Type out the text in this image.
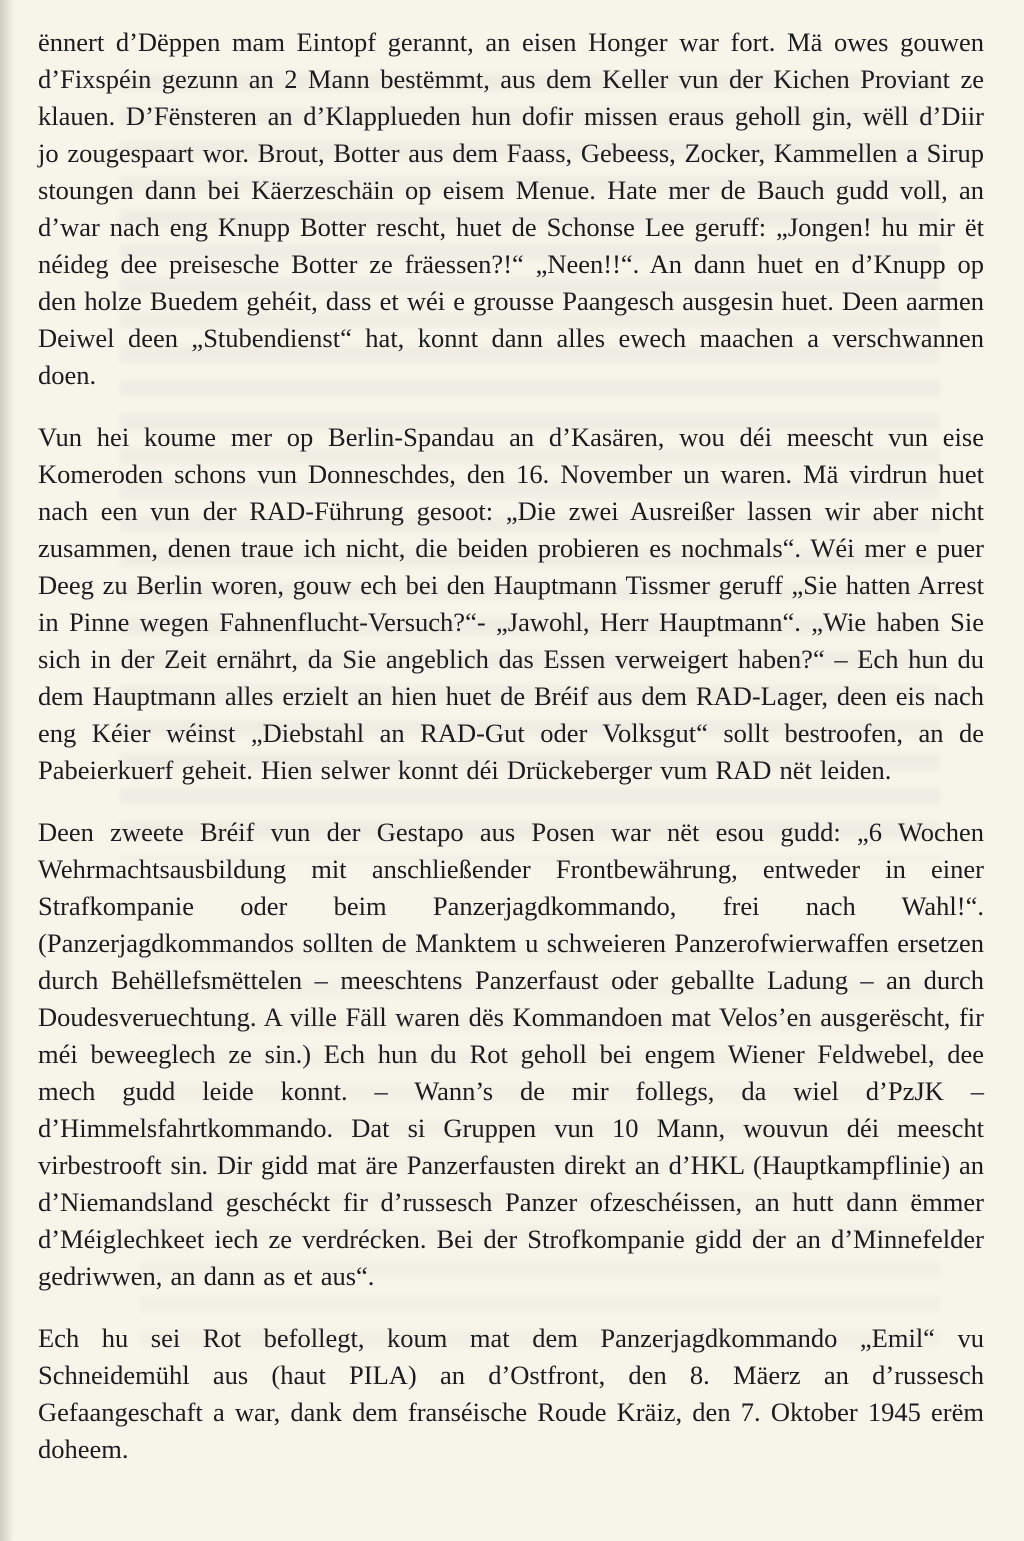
ënnert d’Dëppen mam Eintopf gerannt, an eisen Honger war fort. Mä owes gouwen d’Fixspéin gezunn an 2 Mann bestëmmt, aus dem Keller vun der Kichen Proviant ze klauen. D’Fënsteren an d’Klapplueden hun dofir missen eraus geholl gin, wëll d’Diir jo zougespaart wor. Brout, Botter aus dem Faass, Gebeess, Zocker, Kammellen a Sirup stoungen dann bei Käerzeschäin op eisem Menue. Hate mer de Bauch gudd voll, an d’war nach eng Knupp Botter rescht, huet de Schonse Lee geruff: „Jongen! hu mir ët néideg dee preisesche Botter ze fräessen?!“ „Neen!!“. An dann huet en d’Knupp op den holze Buedem gehéit, dass et wéi e grousse Paangesch ausgesin huet. Deen aarmen Deiwel deen „Stubendienst“ hat, konnt dann alles ewech maachen a verschwannen doen.

Vun hei koume mer op Berlin-Spandau an d’Kasären, wou déi meescht vun eise Komeroden schons vun Donneschdes, den 16. November un waren. Mä virdrun huet nach een vun der RAD-Führung gesoot: „Die zwei Ausreißer lassen wir aber nicht zusammen, denen traue ich nicht, die beiden probieren es nochmals“. Wéi mer e puer Deeg zu Berlin woren, gouw ech bei den Hauptmann Tissmer geruff „Sie hatten Arrest in Pinne wegen Fahnenflucht-Versuch?“- „Jawohl, Herr Hauptmann“. „Wie haben Sie sich in der Zeit ernährt, da Sie angeblich das Essen verweigert haben?“ – Ech hun du dem Hauptmann alles erzielt an hien huet de Bréif aus dem RAD-Lager, deen eis nach eng Kéier wéinst „Diebstahl an RAD-Gut oder Volksgut“ sollt bestroofen, an de Pabeierkuerf geheit. Hien selwer konnt déi Drückeberger vum RAD nët leiden.

Deen zweete Bréif vun der Gestapo aus Posen war nët esou gudd: „6 Wochen Wehrmachtsausbildung mit anschließender Frontbewährung, entweder in einer Strafkompanie oder beim Panzerjagdkommando, frei nach Wahl!“. (Panzerjagdkommandos sollten de Manktem u schweieren Panzerofwierwaffen ersetzen durch Behëllefsmëttelen – meeschtens Panzerfaust oder geballte Ladung – an durch Doudesveruechtung. A ville Fäll waren dës Kommandoen mat Velos’en ausgerëscht, fir méi beweeglech ze sin.) Ech hun du Rot geholl bei engem Wiener Feldwebel, dee mech gudd leide konnt. – Wann’s de mir follegs, da wiel d’PzJK – d’Himmelsfahrtkommando. Dat si Gruppen vun 10 Mann, wouvun déi meescht virbestrooft sin. Dir gidd mat äre Panzerfausten direkt an d’HKL (Hauptkampflinie) an d’Niemandsland geschéckt fir d’russesch Panzer ofzeschéissen, an hutt dann ëmmer d’Méiglechkeet iech ze verdrécken. Bei der Strofkompanie gidd der an d’Minnefelder gedriwwen, an dann as et aus“.

Ech hu sei Rot befollegt, koum mat dem Panzerjagdkommando „Emil“ vu Schneidemühl aus (haut PILA) an d’Ostfront, den 8. Mäerz an d’russesch Gefaangeschaft a war, dank dem franséische Roude Kräiz, den 7. Oktober 1945 erëm doheem.
